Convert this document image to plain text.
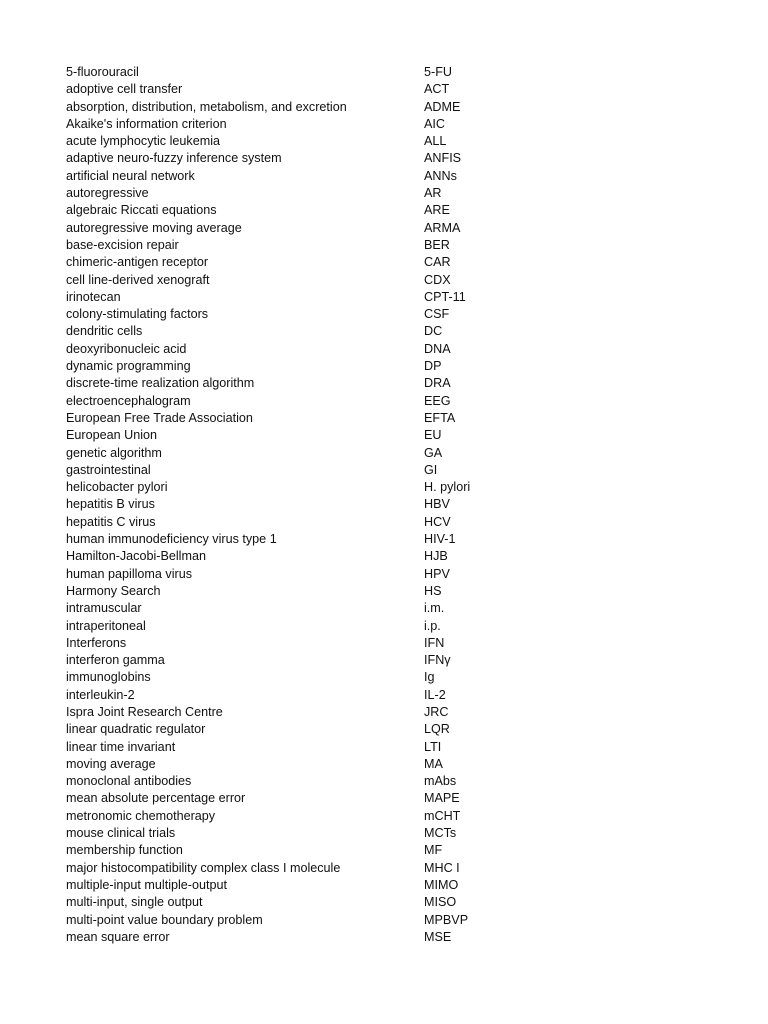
5-fluorouracil	5-FU
adoptive cell transfer	ACT
absorption, distribution, metabolism, and excretion	ADME
Akaike's information criterion	AIC
acute lymphocytic leukemia	ALL
adaptive neuro-fuzzy inference system	ANFIS
artificial neural network	ANNs
autoregressive	AR
algebraic Riccati equations	ARE
autoregressive moving average	ARMA
base-excision repair	BER
chimeric-antigen receptor	CAR
cell line-derived xenograft	CDX
irinotecan	CPT-11
colony-stimulating factors	CSF
dendritic cells	DC
deoxyribonucleic acid	DNA
dynamic programming	DP
discrete-time realization algorithm	DRA
electroencephalogram	EEG
European Free Trade Association	EFTA
European Union	EU
genetic algorithm	GA
gastrointestinal	GI
helicobacter pylori	H. pylori
hepatitis B virus	HBV
hepatitis C virus	HCV
human immunodeficiency virus type 1	HIV-1
Hamilton-Jacobi-Bellman	HJB
human papilloma virus	HPV
Harmony Search	HS
intramuscular	i.m.
intraperitoneal	i.p.
Interferons	IFN
interferon gamma	IFNγ
immunoglobins	Ig
interleukin-2	IL-2
Ispra Joint Research Centre	JRC
linear quadratic regulator	LQR
linear time invariant	LTI
moving average	MA
monoclonal antibodies	mAbs
mean absolute percentage error	MAPE
metronomic chemotherapy	mCHT
mouse clinical trials	MCTs
membership function	MF
major histocompatibility complex class I molecule	MHC I
multiple-input multiple-output	MIMO
multi-input, single output	MISO
multi-point value boundary problem	MPBVP
mean square error	MSE
